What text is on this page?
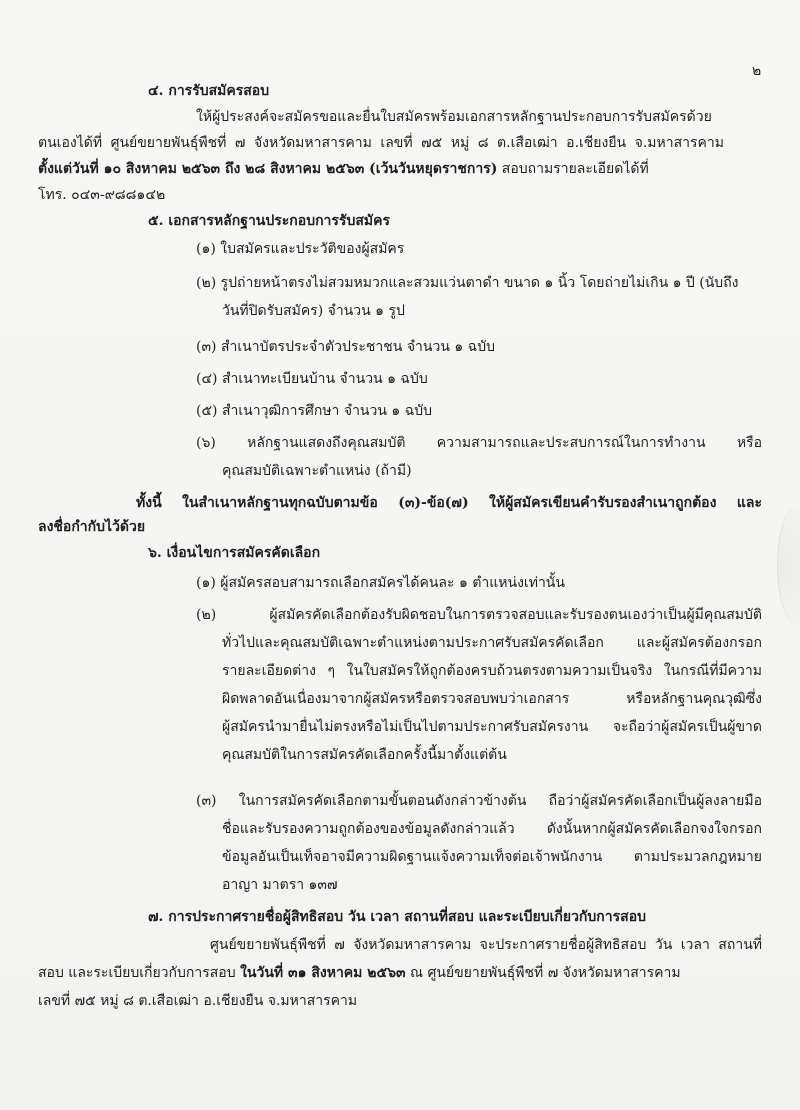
๒
๔. การรับสมัครสอบ
ให้ผู้ประสงค์จะสมัครขอและยื่นใบสมัครพร้อมเอกสารหลักฐานประกอบการรับสมัครด้วย
ตนเองได้ที่ ศูนย์ขยายพันธุ์พืชที่ ๗ จังหวัดมหาสารคาม เลขที่ ๗๕ หมู่ ๘ ต.เสือเฒ่า อ.เชียงยืน จ.มหาสารคาม
ตั้งแต่วันที่ ๑๐ สิงหาคม ๒๕๖๓ ถึง ๒๘ สิงหาคม ๒๕๖๓ (เว้นวันหยุดราชการ) สอบถามรายละเอียดได้ที่
โทร. ๐๔๓-๙๘๘๑๔๒
๕. เอกสารหลักฐานประกอบการรับสมัคร
(๑) ใบสมัครและประวัติของผู้สมัคร
(๒) รูปถ่ายหน้าตรงไม่สวมหมวกและสวมแว่นตาดำ ขนาด ๑ นิ้ว โดยถ่ายไม่เกิน ๑ ปี (นับถึง
วันที่ปิดรับสมัคร) จำนวน ๑ รูป
(๓) สำเนาบัตรประจำตัวประชาชน จำนวน ๑ ฉบับ
(๔) สำเนาทะเบียนบ้าน จำนวน ๑ ฉบับ
(๕) สำเนาวุฒิการศึกษา จำนวน ๑ ฉบับ
(๖) หลักฐานแสดงถึงคุณสมบัติ ความสามารถและประสบการณ์ในการทำงาน หรือ
คุณสมบัติเฉพาะตำแหน่ง (ถ้ามี)
ทั้งนี้ ในสำเนาหลักฐานทุกฉบับตามข้อ (๓)-ข้อ(๗) ให้ผู้สมัครเขียนคำรับรองสำเนาถูกต้อง และ
ลงชื่อกำกับไว้ด้วย
๖. เงื่อนไขการสมัครคัดเลือก
(๑) ผู้สมัครสอบสามารถเลือกสมัครได้คนละ ๑ ตำแหน่งเท่านั้น
(๒) ผู้สมัครคัดเลือกต้องรับผิดชอบในการตรวจสอบและรับรองตนเองว่าเป็นผู้มีคุณสมบัติ
ทั่วไปและคุณสมบัติเฉพาะตำแหน่งตามประกาศรับสมัครคัดเลือก และผู้สมัครต้องกรอก
รายละเอียดต่าง ๆ ในใบสมัครให้ถูกต้องครบถ้วนตรงตามความเป็นจริง ในกรณีที่มีความ
ผิดพลาดอันเนื่องมาจากผู้สมัครหรือตรวจสอบพบว่าเอกสาร หรือหลักฐานคุณวุฒิซึ่ง
ผู้สมัครนำมายื่นไม่ตรงหรือไม่เป็นไปตามประกาศรับสมัครงาน จะถือว่าผู้สมัครเป็นผู้ขาด
คุณสมบัติในการสมัครคัดเลือกครั้งนี้มาตั้งแต่ต้น
(๓) ในการสมัครคัดเลือกตามขั้นตอนดังกล่าวข้างต้น ถือว่าผู้สมัครคัดเลือกเป็นผู้ลงลายมือ
ชื่อและรับรองความถูกต้องของข้อมูลดังกล่าวแล้ว ดังนั้นหากผู้สมัครคัดเลือกจงใจกรอก
ข้อมูลอันเป็นเท็จอาจมีความผิดฐานแจ้งความเท็จต่อเจ้าพนักงาน ตามประมวลกฎหมาย
อาญา มาตรา ๑๓๗
๗. การประกาศรายชื่อผู้สิทธิสอบ วัน เวลา สถานที่สอบ และระเบียบเกี่ยวกับการสอบ
ศูนย์ขยายพันธุ์พืชที่ ๗ จังหวัดมหาสารคาม จะประกาศรายชื่อผู้สิทธิสอบ วัน เวลา สถานที่
สอบ และระเบียบเกี่ยวกับการสอบ ในวันที่ ๓๑ สิงหาคม ๒๕๖๓ ณ ศูนย์ขยายพันธุ์พืชที่ ๗ จังหวัดมหาสารคาม
เลขที่ ๗๕ หมู่ ๘ ต.เสือเฒ่า อ.เชียงยืน จ.มหาสารคาม
